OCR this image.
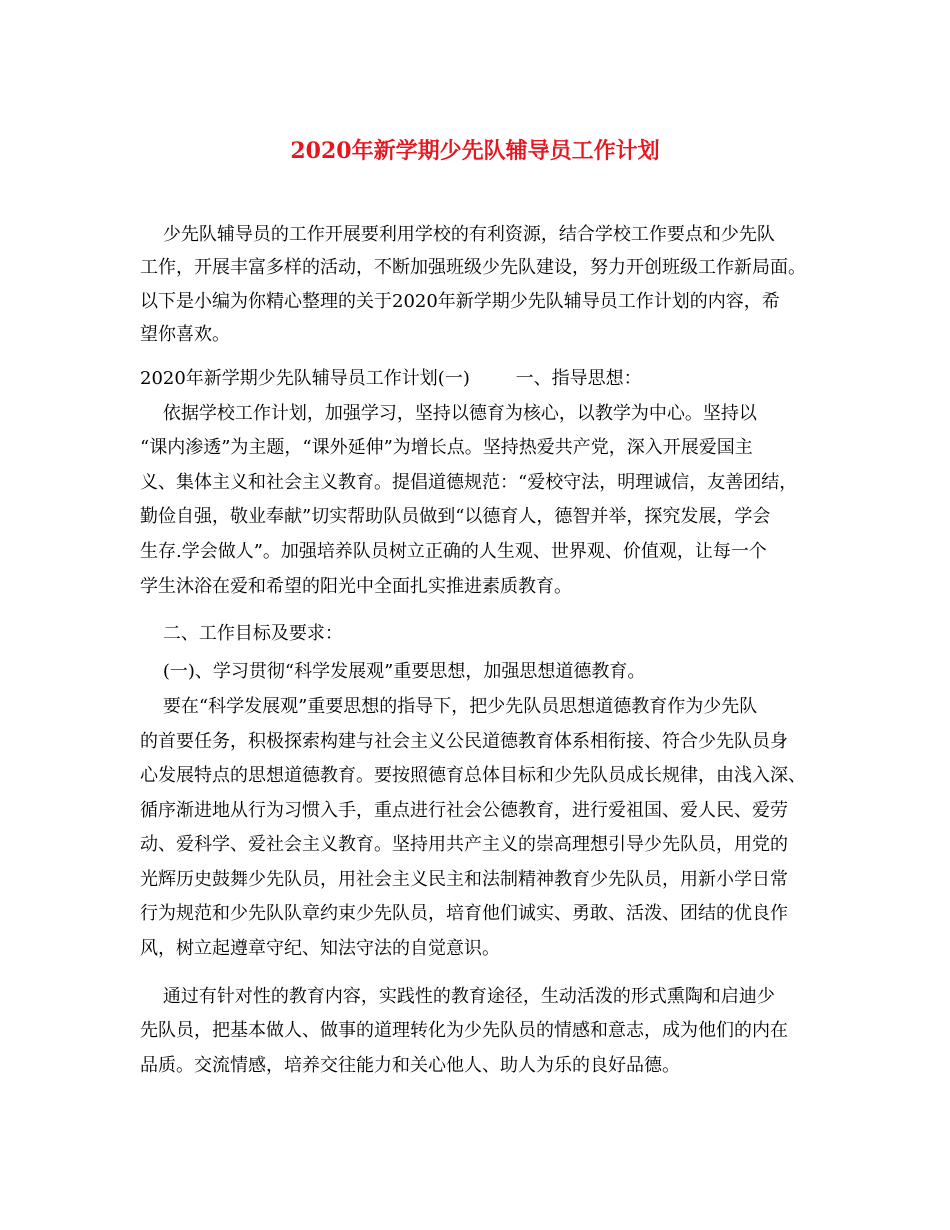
2020年新学期少先队辅导员工作计划
少先队辅导员的工作开展要利用学校的有利资源，结合学校工作要点和少先队
工作，开展丰富多样的活动，不断加强班级少先队建设，努力开创班级工作新局面。
以下是小编为你精心整理的关于2020年新学期少先队辅导员工作计划的内容，希
望你喜欢。
2020年新学期少先队辅导员工作计划(一)        一、指导思想：
依据学校工作计划，加强学习，坚持以德育为核心，以教学为中心。坚持以
“课内渗透”为主题，“课外延伸”为增长点。坚持热爱共产党，深入开展爱国主
义、集体主义和社会主义教育。提倡道德规范：“爱校守法，明理诚信，友善团结，
勤俭自强，敬业奉献”切实帮助队员做到“以德育人，德智并举，探究发展，学会
生存.学会做人”。加强培养队员树立正确的人生观、世界观、价值观，让每一个
学生沐浴在爱和希望的阳光中全面扎实推进素质教育。
二、工作目标及要求：
(一)、学习贯彻“科学发展观”重要思想，加强思想道德教育。
要在“科学发展观”重要思想的指导下，把少先队员思想道德教育作为少先队
的首要任务，积极探索构建与社会主义公民道德教育体系相衔接、符合少先队员身
心发展特点的思想道德教育。要按照德育总体目标和少先队员成长规律，由浅入深、
循序渐进地从行为习惯入手，重点进行社会公德教育，进行爱祖国、爱人民、爱劳
动、爱科学、爱社会主义教育。坚持用共产主义的崇高理想引导少先队员，用党的
光辉历史鼓舞少先队员，用社会主义民主和法制精神教育少先队员，用新小学日常
行为规范和少先队队章约束少先队员，培育他们诚实、勇敢、活泼、团结的优良作
风，树立起遵章守纪、知法守法的自觉意识。
通过有针对性的教育内容，实践性的教育途径，生动活泼的形式熏陶和启迪少
先队员，把基本做人、做事的道理转化为少先队员的情感和意志，成为他们的内在
品质。交流情感，培养交往能力和关心他人、助人为乐的良好品德。
